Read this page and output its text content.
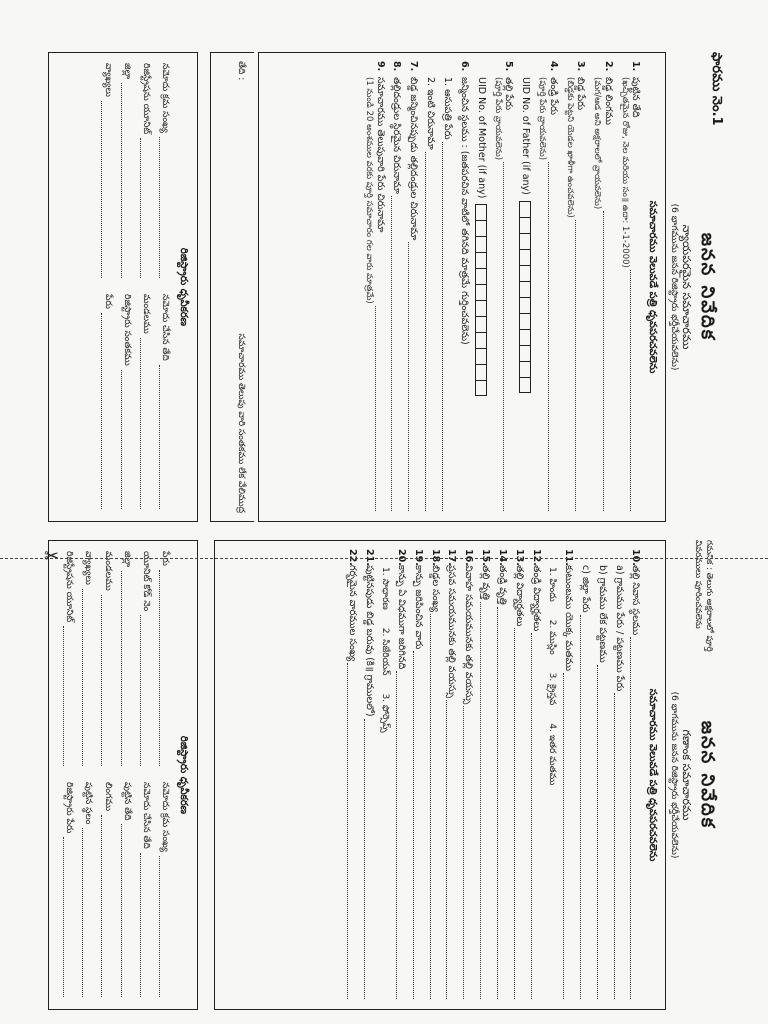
ఫారము నెం.1
జనన నివేదిక
న్యాయపరమైన సమాచారము
(6 భాగమును జనన రిజిస్ట్రారు భర్తీచేయవలెను)
సమాచారము వెలువడే పత్రి ధృవపరచవలెను
1.
పుట్టిన తేది
(ఖచ్చితమైన రోజు, నెల మరియు సం॥ ఉదా: 1-1-2000)
2.
బిడ్డ లింగము
(మగ/ఆడ అని అక్షరాలలో వ్రాయవలెను)
3.
బిడ్డ పేరు
(బిడ్డకు పెట్టని యెడల ఖాళీగా ఉంచవలెను)
4.
తండ్రి పేరు
(పూర్తి పేరు వ్రాయవలెను)
UID No. of Father (if any)
5.
తల్లి పేరు
(పూర్తి పేరు వ్రాయవలెను)
UID No. of Mother (if any)
6.
జన్మించిన స్థలము : (జతపరచిన వాటిలో తగినది మాత్రమే గుర్తించవలెను)
1. ఆసుపత్రి పేరు
2. ఇంటి చిరునామా
7.
బిడ్డ జన్మించినప్పుడు తల్లిదండ్రుల చిరునామా
8.
తల్లిదండ్రుల స్థిరమైన చిరునామా
9.
సమాచారము తెలుపువారి పేరు చిరునామా
(1 నుండి 20 అంశముల వరకు పూర్తి సమాచారం గల వారు మాత్రమే)
తేది :
సమాచారము తెలుపు వారి సంతకము లేక వేలిముద్ర
రిజిస్ట్రారు ధృవీకరణ
నమోదు క్రమ సంఖ్య
నమోదు చేసిన తేది
రిజిస్ట్రేషను యూనిట్
మండలము
జిల్లా
రిజిస్ట్రారు సంతకము
వ్యాఖ్యలు
పేరు
గమనిక : తెలుగు అక్షరాలలో పూర్తి వివరములు పూరించవలెను
జనన నివేదిక
గణాంక సమాచారము
(6 భాగమును జనన రిజిస్ట్రారు భర్తీచేయవలెను)
సమాచారము వెలువడే పత్రి ధృవపరచవలెను
10.
తల్లి నివాస స్థలము
a) గ్రామము పేరు / పట్టణము పేరు
b) గ్రామము లేక పట్టణము
c) జిల్లా పేరు
11.
కుటుంబము యొక్క మతము
1. హిందు
2. ముస్లిం
3. క్రైస్తవ
4. ఇతర మతము
12.
తండ్రి విద్యార్హతలు
13.
తల్లి విద్యార్హతలు
14.
తండ్రి వృత్తి
15.
తల్లి వృత్తి
16.
వివాహ సమయమునకు తల్లి వయస్సు
17.
ప్రసవ సమయమునకు తల్లి వయస్సు
18.
బిడ్డల సంఖ్య
19.
కాన్పు జరిపించిన వారు
20.
కాన్పు ఏ విధముగా జరిగినది
1. సాధారణ
2. సిజేరియన్
3. ఫోర్సెప్స్
21.
పుట్టినపుడు బిడ్డ బరువు (కి॥ గ్రాములలో)
22.
గర్భమైన వారముల సంఖ్య
రిజిస్ట్రారు ధృవీకరణ
పేరు
నమోదు క్రమ సంఖ్య
యూనిట్ కోడ్ నెం
నమోదు చేసిన తేది
జిల్లా
పుట్టిన తేది
మండలము
లింగము
వ్యాఖ్యలు
పుట్టిన స్థలం
రిజిస్ట్రేషను యూనిట్
రిజిస్ట్రారు పేరు
✂
